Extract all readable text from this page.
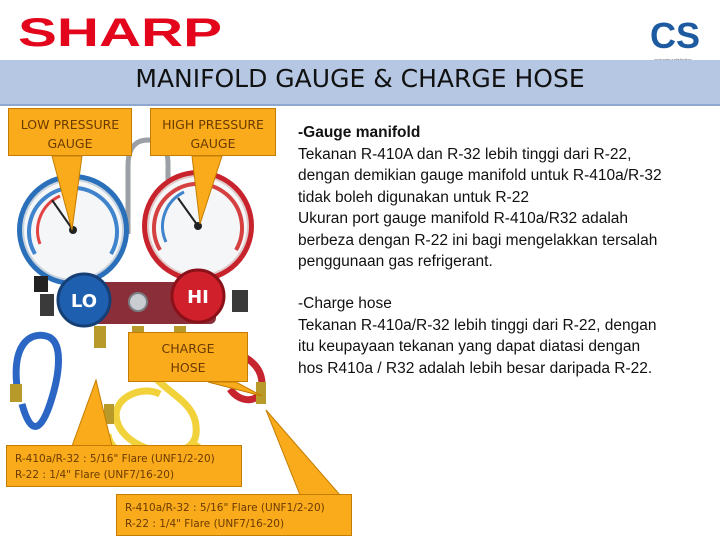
SHARP	CS
MANIFOLD GAUGE & CHARGE HOSE
LO	HI
LOW PRESSURE
GAUGE
HIGH PRESSURE
GAUGE
CHARGE
HOSE
R-410a/R-32 : 5/16" Flare (UNF1/2-20)
R-22 : 1/4" Flare (UNF7/16-20)
R-410a/R-32 : 5/16" Flare (UNF1/2-20)
R-22 : 1/4" Flare (UNF7/16-20)
-Gauge manifold
Tekanan R-410A dan R-32 lebih tinggi dari R-22,
dengan demikian gauge manifold untuk R-410a/R-32
tidak boleh digunakan untuk R-22
Ukuran port gauge manifold R-410a/R32 adalah
berbeza dengan R-22 ini bagi mengelakkan tersalah
penggunaan gas refrigerant.
-Charge hose
Tekanan R-410a/R-32 lebih tinggi dari R-22, dengan
itu keupayaan tekanan yang dapat diatasi dengan
hos R410a / R32 adalah lebih besar daripada R-22.
